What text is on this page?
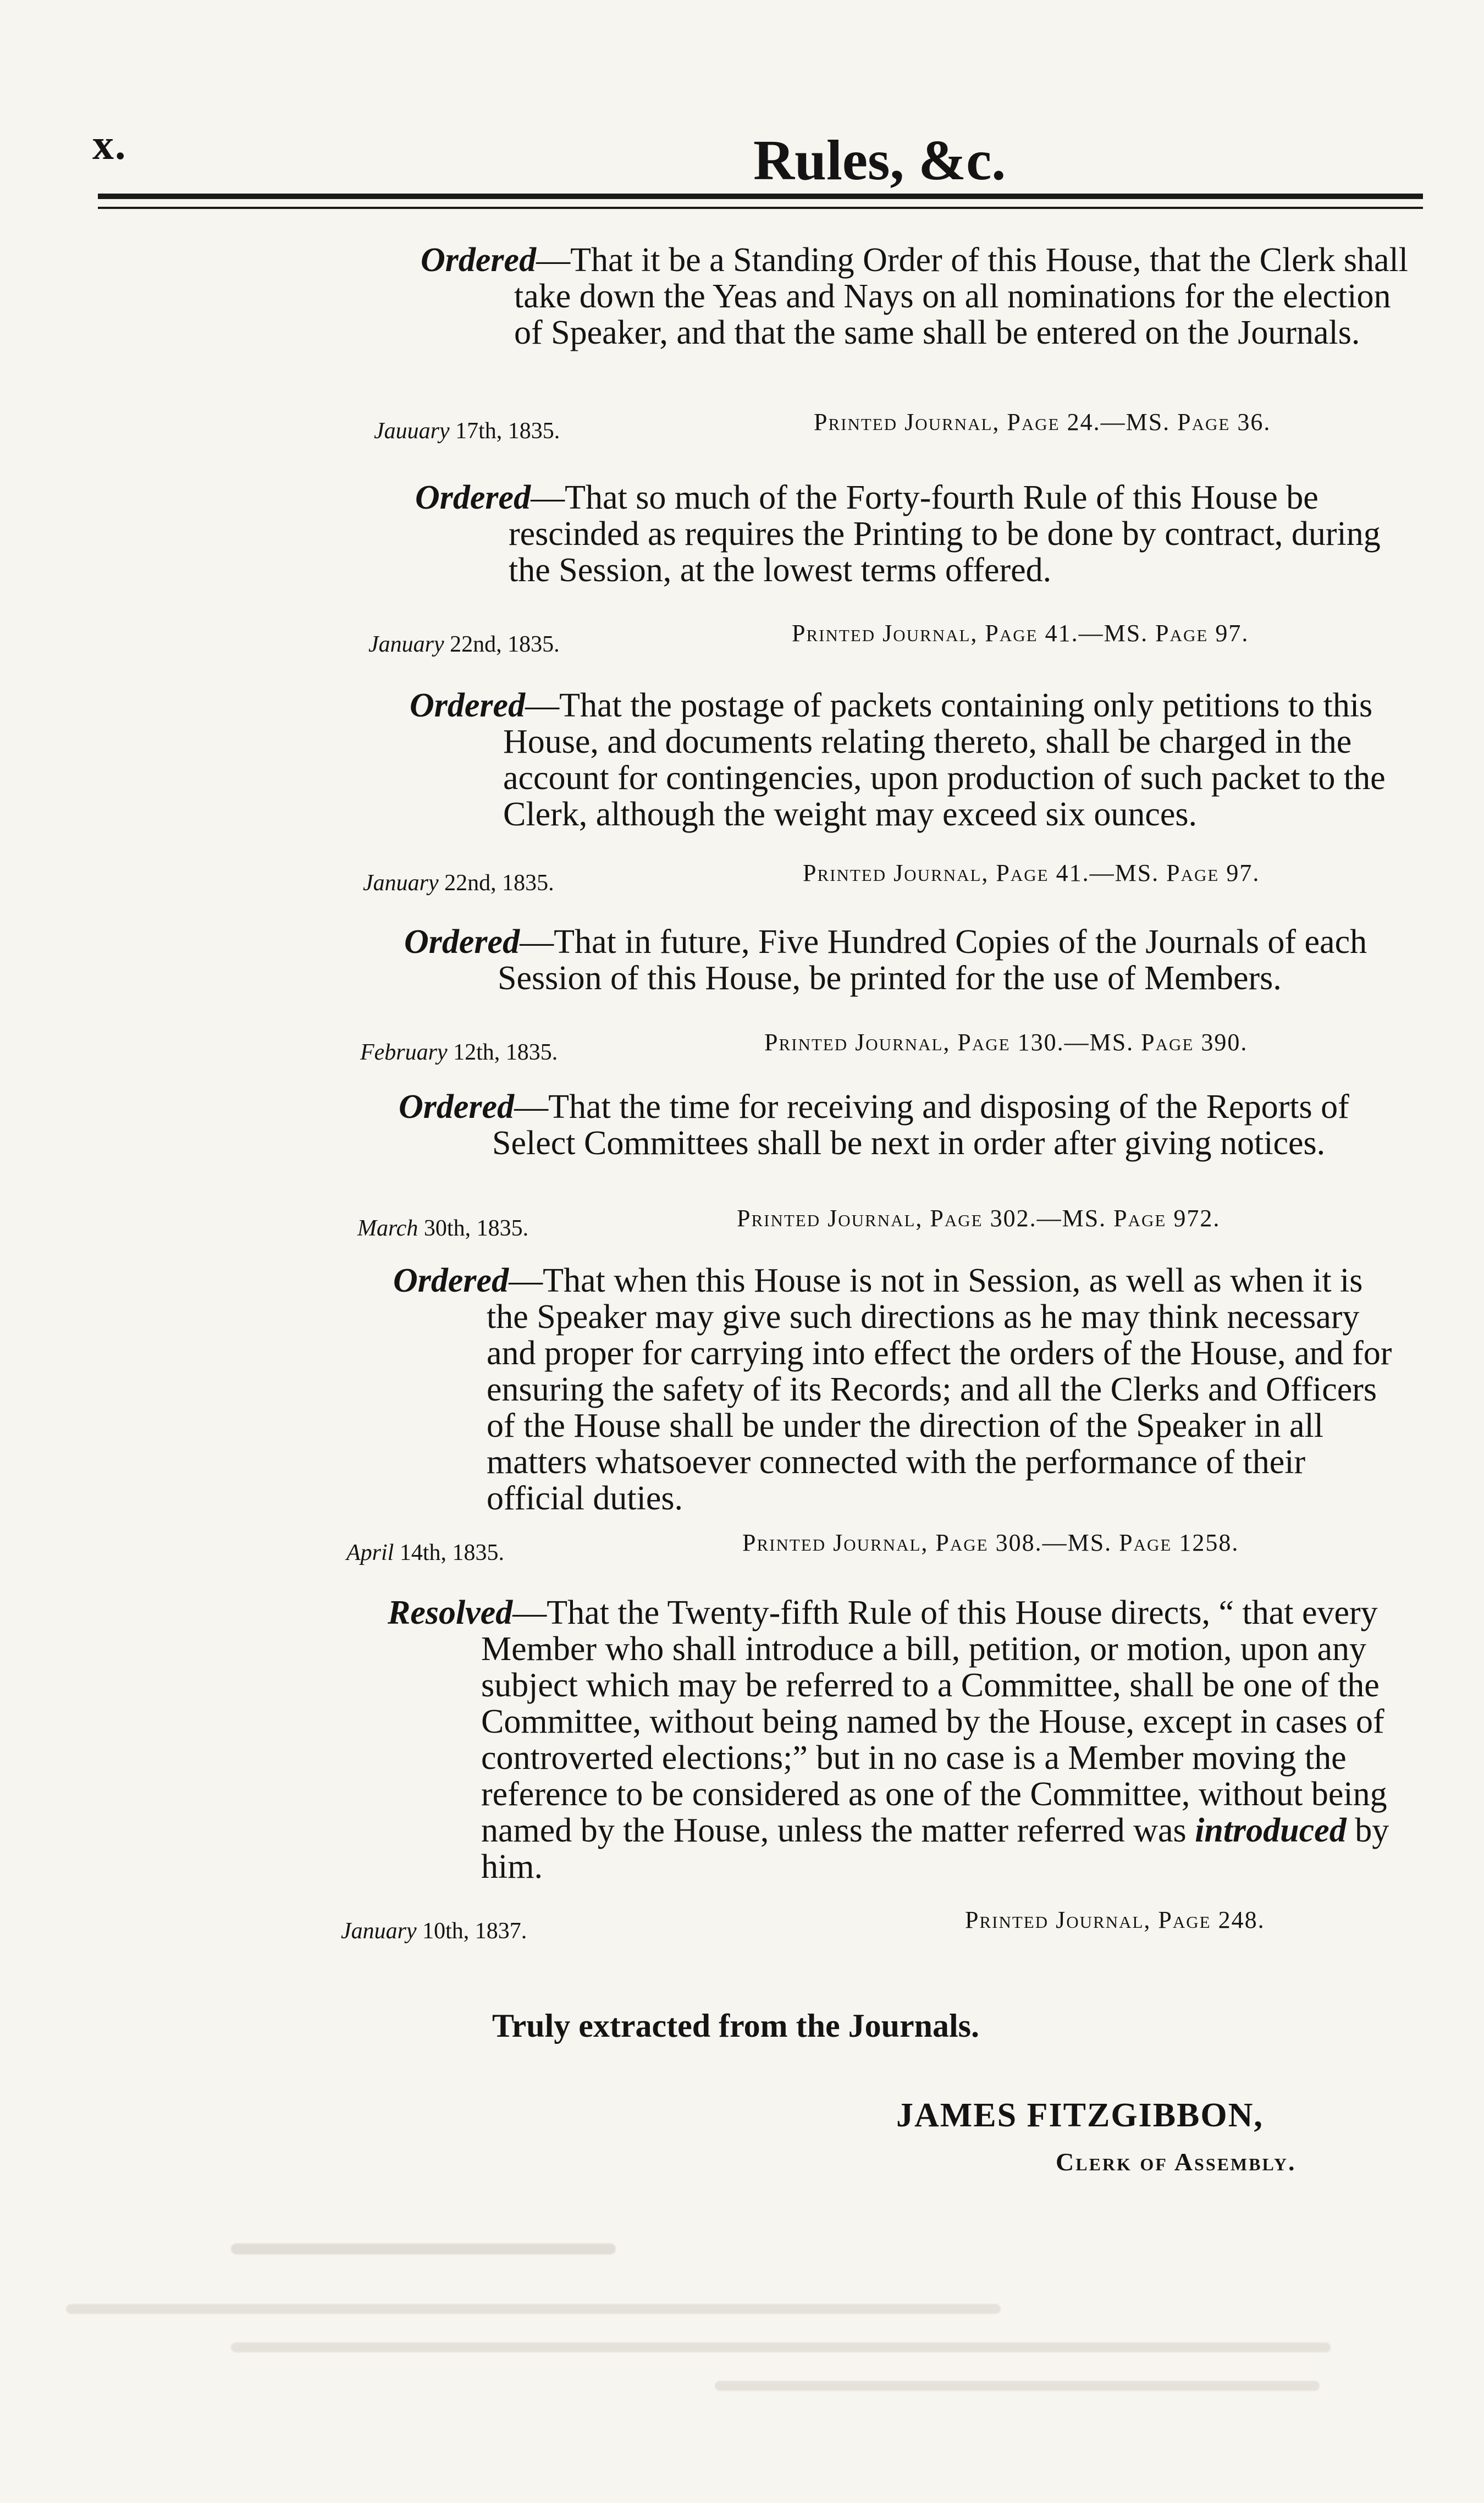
x.	Rules, &c.

Ordered—That it be a Standing Order of this House, that the Clerk shall take down the Yeas and Nays on all nominations for the election of Speaker, and that the same shall be entered on the Journals.

Jauuary 17th, 1835.	Printed Journal, Page 24.—MS. Page 36.

Ordered—That so much of the Forty-fourth Rule of this House be rescinded as requires the Printing to be done by contract, during the Session, at the lowest terms offered.

January 22nd, 1835.	Printed Journal, Page 41.—MS. Page 97.

Ordered—That the postage of packets containing only petitions to this House, and documents relating thereto, shall be charged in the account for contingencies, upon production of such packet to the Clerk, although the weight may exceed six ounces.

January 22nd, 1835.	Printed Journal, Page 41.—MS. Page 97.

Ordered—That in future, Five Hundred Copies of the Journals of each Session of this House, be printed for the use of Members.

February 12th, 1835.	Printed Journal, Page 130.—MS. Page 390.

Ordered—That the time for receiving and disposing of the Reports of Select Committees shall be next in order after giving notices.

March 30th, 1835.	Printed Journal, Page 302.—MS. Page 972.

Ordered—That when this House is not in Session, as well as when it is the Speaker may give such directions as he may think necessary and proper for carrying into effect the orders of the House, and for ensuring the safety of its Records; and all the Clerks and Officers of the House shall be under the direction of the Speaker in all matters whatsoever connected with the performance of their official duties.

April 14th, 1835.	Printed Journal, Page 308.—MS. Page 1258.

Resolved—That the Twenty-fifth Rule of this House directs, “ that every Member who shall introduce a bill, petition, or motion, upon any subject which may be referred to a Committee, shall be one of the Committee, without being named by the House, except in cases of controverted elections;” but in no case is a Member moving the reference to be considered as one of the Committee, without being named by the House, unless the matter referred was introduced by him.

January 10th, 1837.	Printed Journal, Page 248.
Truly extracted from the Journals.
JAMES FITZGIBBON,
Clerk of Assembly.
